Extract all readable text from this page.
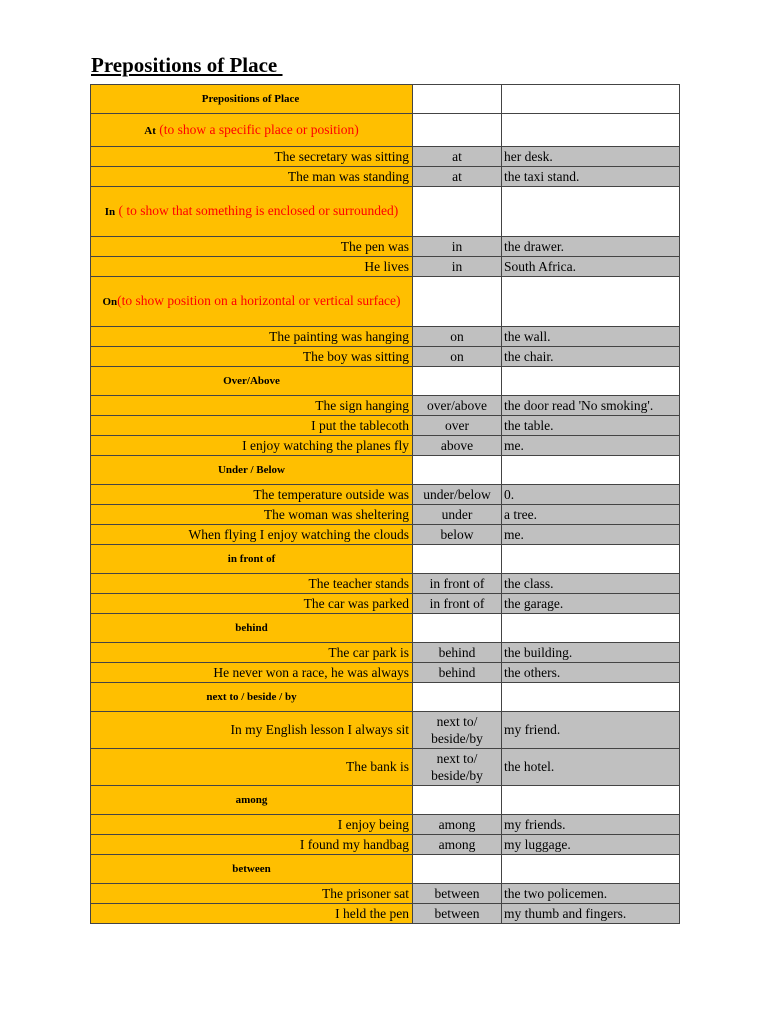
Prepositions of Place
Prepositions of Place		
At (to show a specific place or position)		
The secretary was sitting	at	her desk.
The man was standing	at	the taxi stand.
In ( to show that something is enclosed or surrounded)		
The pen was	in	the drawer.
He lives	in	South Africa.
On(to show position on a horizontal or vertical surface)		
The painting was hanging	on	the wall.
The boy was sitting	on	the chair.
Over/Above		
The sign hanging	over/above	the door read 'No smoking'.
I put the tablecoth	over	the table.
I enjoy watching the planes fly	above	me.
Under / Below		
The temperature outside was	under/below	0.
The woman was sheltering	under	a tree.
When flying I enjoy watching the clouds	below	me.
in front of		
The teacher stands	in front of	the class.
The car was parked	in front of	the garage.
behind		
The car park is	behind	the building.
He never won a race, he was always	behind	the others.
next to / beside / by		
In my English lesson I always sit	next to/ beside/by	my friend.
The bank is	next to/ beside/by	the hotel.
among		
I enjoy being	among	my friends.
I found my handbag	among	my luggage.
between		
The prisoner sat	between	the two policemen.
I held the pen	between	my thumb and fingers.
